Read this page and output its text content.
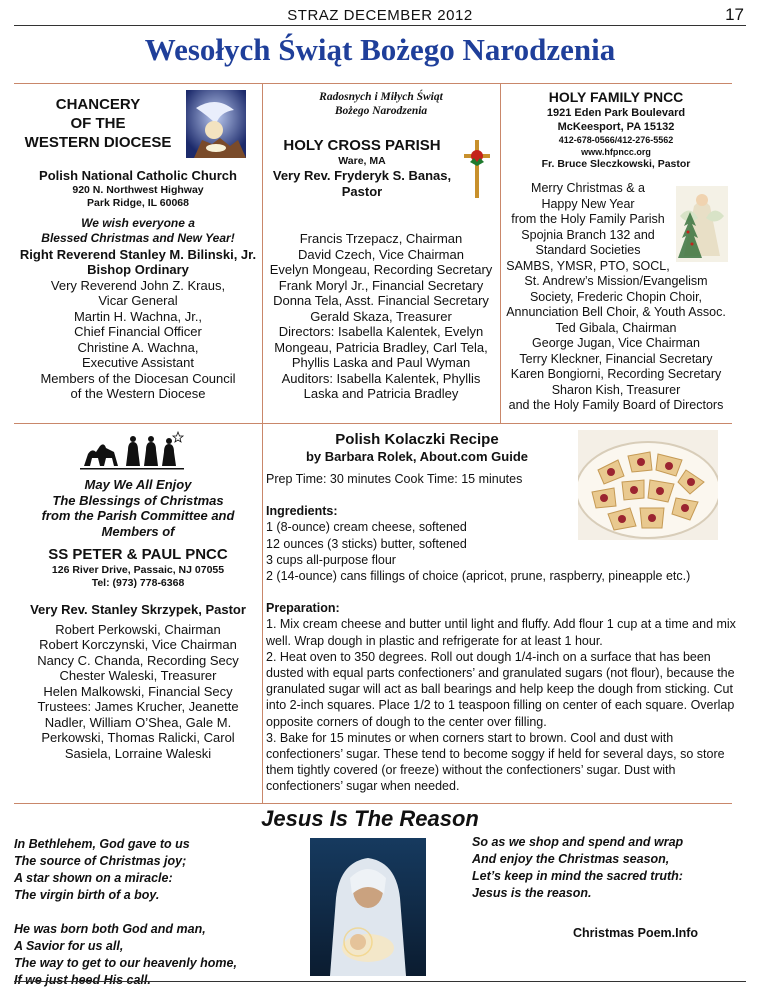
STRAZ DECEMBER 2012	17
Wesołych Świąt Bożego Narodzenia
CHANCERY
OF THE
WESTERN DIOCESE
Polish National Catholic Church
920 N. Northwest Highway
Park Ridge, IL 60068
We wish everyone a
Blessed Christmas and New Year!
Right Reverend Stanley M. Bilinski, Jr.
Bishop Ordinary
Very Reverend John Z. Kraus,
Vicar General
Martin H. Wachna, Jr.,
Chief Financial Officer
Christine A. Wachna,
Executive Assistant
Members of the Diocesan Council
of the Western Diocese
Radosnych i Miłych Świąt
Bożego Narodzenia
HOLY CROSS PARISH
Ware, MA
Very Rev. Fryderyk S. Banas,
Pastor
Francis Trzepacz, Chairman
David Czech, Vice Chairman
Evelyn Mongeau, Recording Secretary
Frank Moryl Jr., Financial Secretary
Donna Tela, Asst. Financial Secretary
Gerald Skaza, Treasurer
Directors: Isabella Kalentek, Evelyn
Mongeau, Patricia Bradley, Carl Tela,
Phyllis Laska and Paul Wyman
Auditors: Isabella Kalentek, Phyllis
Laska and Patricia Bradley
HOLY FAMILY PNCC
1921 Eden Park Boulevard
McKeesport, PA 15132
412-678-0566/412-276-5562
www.hfpncc.org
Fr. Bruce Sleczkowski, Pastor
Merry Christmas & a
Happy New Year
from the Holy Family Parish
Spojnia Branch 132 and
Standard Societies
SAMBS, YMSR, PTO, SOCL,
St. Andrew’s Mission/Evangelism
Society, Frederic Chopin Choir,
Annunciation Bell Choir, & Youth Assoc.
Ted Gibala, Chairman
George Jugan, Vice Chairman
Terry Kleckner, Financial Secretary
Karen Bongiorni, Recording Secretary
Sharon Kish, Treasurer
and the Holy Family Board of Directors
May We All Enjoy
The Blessings of Christmas
from the Parish Committee and
Members of
SS PETER & PAUL PNCC
126 River Drive, Passaic, NJ 07055
Tel: (973) 778-6368
Very Rev. Stanley Skrzypek, Pastor
Robert Perkowski, Chairman
Robert Korczynski, Vice Chairman
Nancy C. Chanda, Recording Secy
Chester Waleski, Treasurer
Helen Malkowski, Financial Secy
Trustees: James Krucher, Jeanette
Nadler, William O’Shea, Gale M.
Perkowski, Thomas Ralicki, Carol
Sasiela, Lorraine Waleski
Polish Kolaczki Recipe
by Barbara Rolek, About.com Guide
Prep Time: 30 minutes Cook Time: 15 minutes
Ingredients:
1 (8-ounce) cream cheese, softened
12 ounces (3 sticks) butter, softened
3 cups all-purpose flour
2 (14-ounce) cans fillings of choice (apricot, prune, raspberry, pineapple etc.)
Preparation:
1. Mix cream cheese and butter until light and fluffy. Add flour 1 cup at a time and mix well. Wrap dough in plastic and refrigerate for at least 1 hour.
2. Heat oven to 350 degrees. Roll out dough 1/4-inch on a surface that has been dusted with equal parts confectioners’ and granulated sugars (not flour), because the granulated sugar will act as ball bearings and help keep the dough from sticking. Cut into 2-inch squares. Place 1/2 to 1 teaspoon filling on center of each square. Overlap opposite corners of dough to the center over filling.
3. Bake for 15 minutes or when corners start to brown. Cool and dust with confectioners’ sugar. These tend to become soggy if held for several days, so store them tightly covered (or freeze) without the confectioners’ sugar. Dust with confectioners’ sugar when needed.
Jesus Is The Reason
In Bethlehem, God gave to us
The source of Christmas joy;
A star shown on a miracle:
The virgin birth of a boy.
He was born both God and man,
A Savior for us all,
The way to get to our heavenly home,
If we just heed His call.
So as we shop and spend and wrap
And enjoy the Christmas season,
Let’s keep in mind the sacred truth:
Jesus is the reason.
Christmas Poem.Info
